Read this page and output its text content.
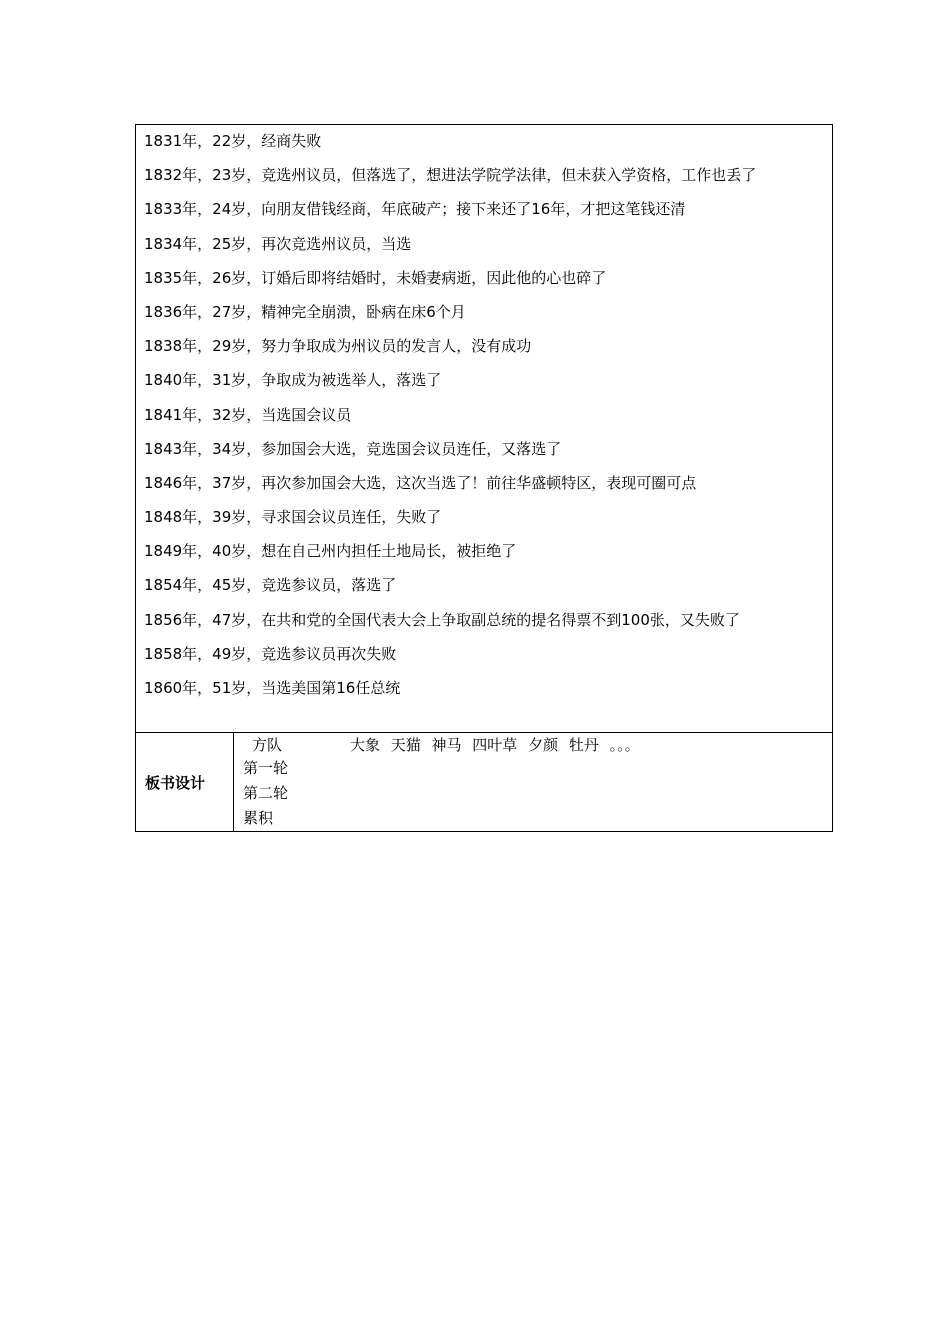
1831年，22岁，经商失败
1832年，23岁，竞选州议员，但落选了，想进法学院学法律，但未获入学资格，工作也丢了
1833年，24岁，向朋友借钱经商，年底破产；接下来还了16年，才把这笔钱还清
1834年，25岁，再次竞选州议员，当选
1835年，26岁，订婚后即将结婚时，未婚妻病逝，因此他的心也碎了
1836年，27岁，精神完全崩溃，卧病在床6个月
1838年，29岁，努力争取成为州议员的发言人，没有成功
1840年，31岁，争取成为被选举人，落选了
1841年，32岁，当选国会议员
1843年，34岁，参加国会大选，竞选国会议员连任，又落选了
1846年，37岁，再次参加国会大选，这次当选了！前往华盛顿特区，表现可圈可点
1848年，39岁，寻求国会议员连任，失败了
1849年，40岁，想在自己州内担任土地局长，被拒绝了
1854年，45岁，竞选参议员，落选了
1856年，47岁，在共和党的全国代表大会上争取副总统的提名得票不到100张，又失败了
1858年，49岁，竞选参议员再次失败
1860年，51岁，当选美国第16任总统
板书设计
方队	大象 天猫 神马 四叶草 夕颜 牡丹 。。。
第一轮
第二轮
累积
